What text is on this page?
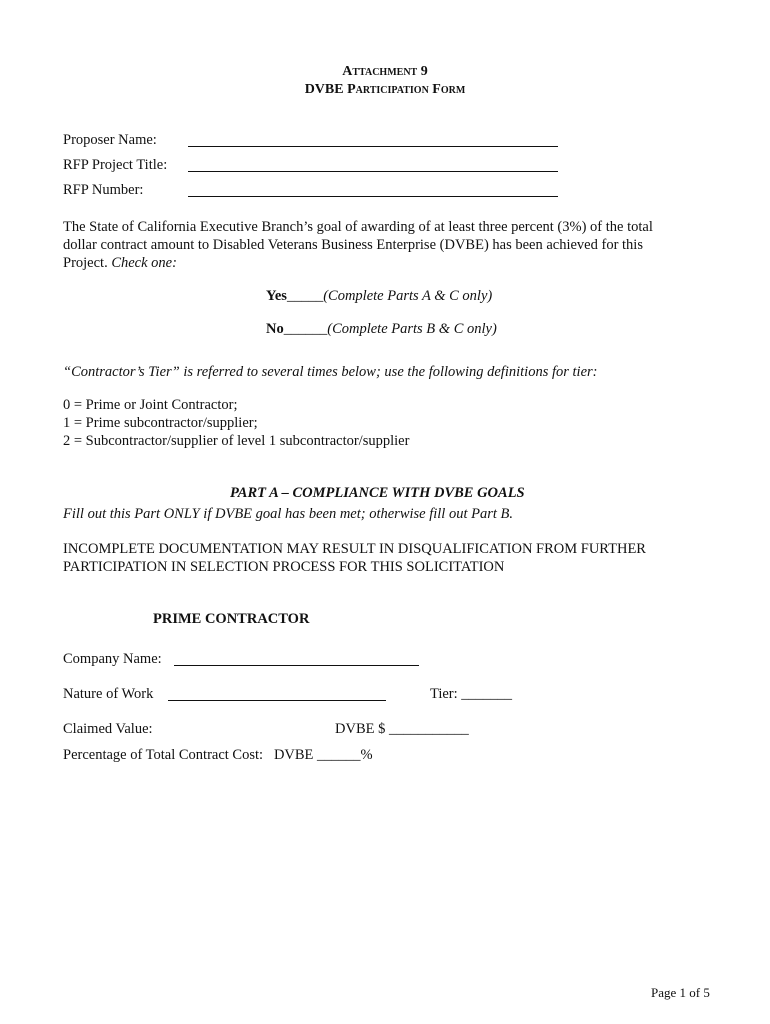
Attachment 9
DVBE Participation Form
Proposer Name:
RFP Project Title:
RFP Number:
The State of California Executive Branch’s goal of awarding of at least three percent (3%) of the total dollar contract amount to Disabled Veterans Business Enterprise (DVBE) has been achieved for this Project. Check one:
Yes_____(Complete Parts A & C only)
No______(Complete Parts B & C only)
“Contractor’s Tier” is referred to several times below; use the following definitions for tier:
0 = Prime or Joint Contractor;
1 = Prime subcontractor/supplier;
2 = Subcontractor/supplier of level 1 subcontractor/supplier
PART A – COMPLIANCE WITH DVBE GOALS
Fill out this Part ONLY if DVBE goal has been met; otherwise fill out Part B.
INCOMPLETE DOCUMENTATION MAY RESULT IN DISQUALIFICATION FROM FURTHER
PARTICIPATION IN SELECTION PROCESS FOR THIS SOLICITATION
PRIME CONTRACTOR
Company Name:
Nature of Work	Tier: _______
Claimed Value:	DVBE $ ___________
Percentage of Total Contract Cost: DVBE ______%
Page 1 of 5
